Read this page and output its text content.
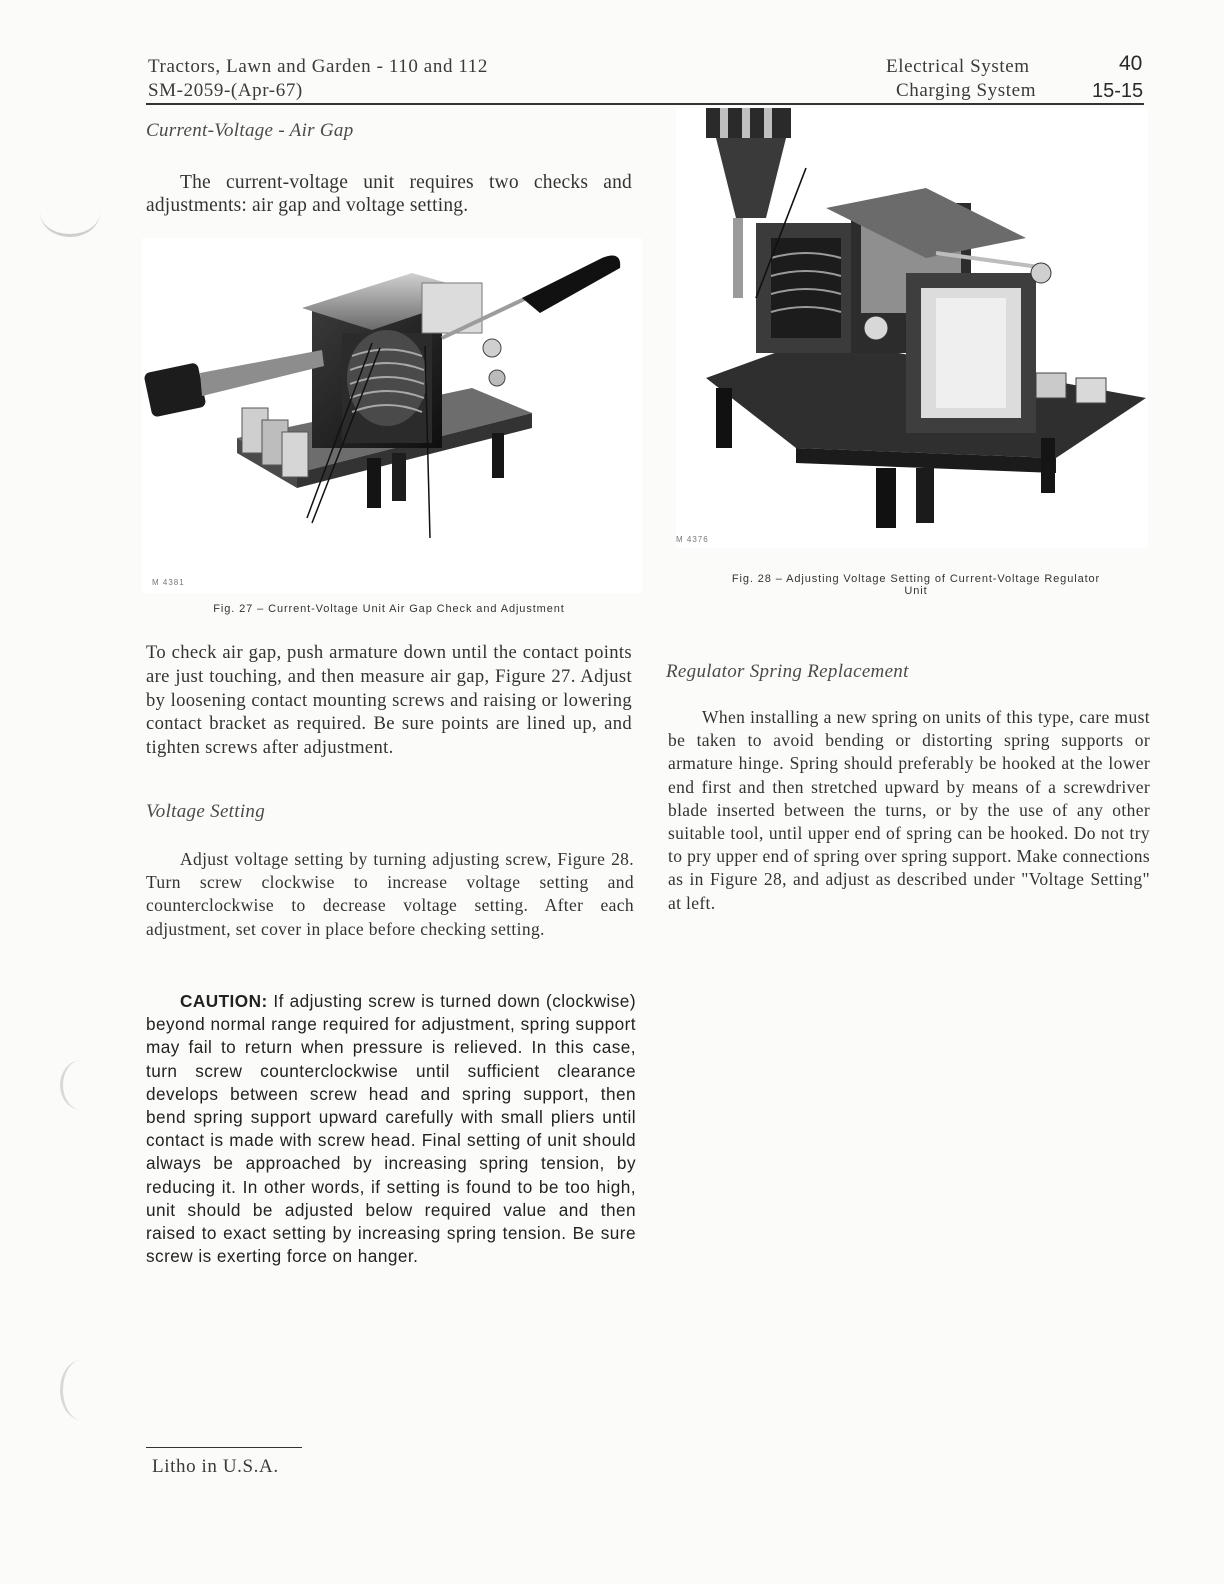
Tractors, Lawn and Garden - 110 and 112
SM-2059-(Apr-67)
Electrical System
Charging System
40
15-15
Current-Voltage - Air Gap
The current-voltage unit requires two checks and adjustments: air gap and voltage setting.
M 4381
Fig. 27 – Current-Voltage Unit Air Gap Check and Adjustment
To check air gap, push armature down until the contact points are just touching, and then measure air gap, Figure 27. Adjust by loosening contact mounting screws and raising or lowering contact bracket as required. Be sure points are lined up, and tighten screws after adjustment.
Voltage Setting
Adjust voltage setting by turning adjusting screw, Figure 28. Turn screw clockwise to increase voltage setting and counterclockwise to decrease voltage setting. After each adjustment, set cover in place before checking setting.
CAUTION: If adjusting screw is turned down (clockwise) beyond normal range required for adjustment, spring support may fail to return when pressure is relieved. In this case, turn screw counterclockwise until sufficient clearance develops between screw head and spring support, then bend spring support upward carefully with small pliers until contact is made with screw head. Final setting of unit should always be approached by increasing spring tension, by reducing it. In other words, if setting is found to be too high, unit should be adjusted below required value and then raised to exact setting by increasing spring tension. Be sure screw is exerting force on hanger.
Litho in U.S.A.
M 4376
Fig. 28 – Adjusting Voltage Setting of Current-Voltage Regulator Unit
Regulator Spring Replacement
When installing a new spring on units of this type, care must be taken to avoid bending or distorting spring supports or armature hinge. Spring should preferably be hooked at the lower end first and then stretched upward by means of a screwdriver blade inserted between the turns, or by the use of any other suitable tool, until upper end of spring can be hooked. Do not try to pry upper end of spring over spring support. Make connections as in Figure 28, and adjust as described under "Voltage Setting" at left.
